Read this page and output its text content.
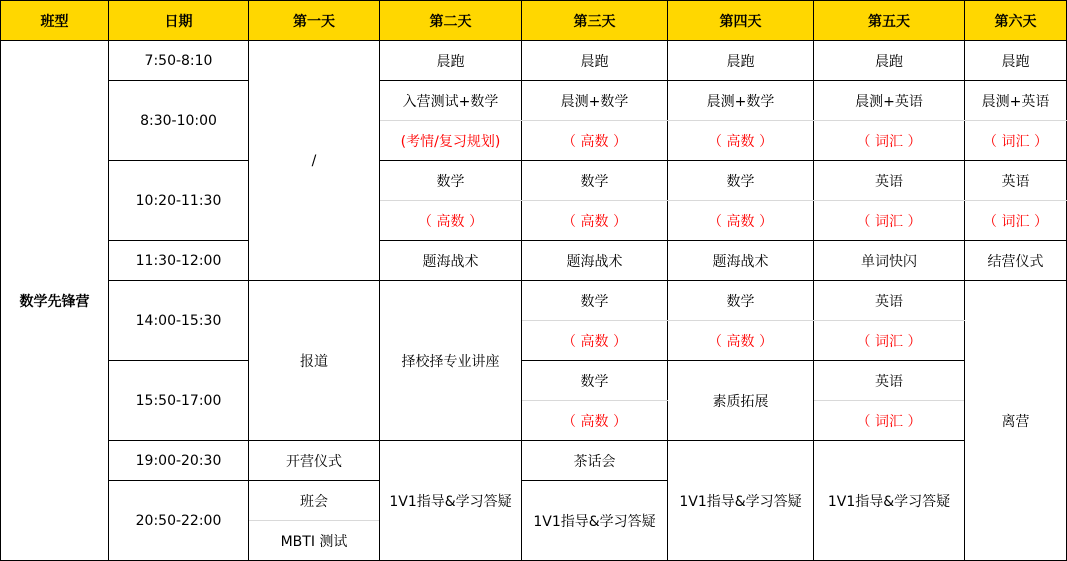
班型	日期	第一天	第二天	第三天	第四天	第五天	第六天
数学先锋营	7:50-8:10	/	晨跑	晨跑	晨跑	晨跑	晨跑
	8:30-10:00		入营测试+数学	晨测+数学	晨测+数学	晨测+英语	晨测+英语
			(考情/复习规划)	（ 高数 ）	（ 高数 ）	（ 词汇 ）	（ 词汇 ）
	10:20-11:30		数学	数学	数学	英语	英语
			（ 高数 ）	（ 高数 ）	（ 高数 ）	（ 词汇 ）	（ 词汇 ）
	11:30-12:00		题海战术	题海战术	题海战术	单词快闪	结营仪式
	14:00-15:30	报道	择校择专业讲座	数学	数学	英语	离营
				（ 高数 ）	（ 高数 ）	（ 词汇 ）	
	15:50-17:00			数学	素质拓展	英语	
				（ 高数 ）		（ 词汇 ）	
	19:00-20:30	开营仪式	1V1指导&学习答疑	茶话会	1V1指导&学习答疑	1V1指导&学习答疑	
	20:50-22:00	班会		1V1指导&学习答疑			
		MBTI 测试					
